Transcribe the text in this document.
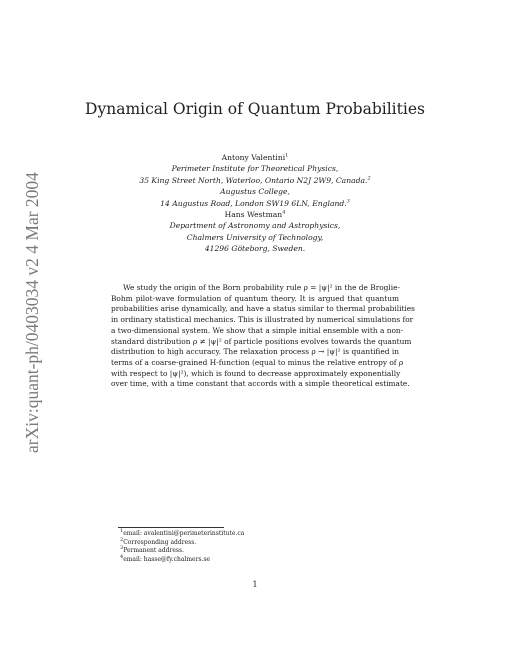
arXiv:quant-ph/0403034 v2 4 Mar 2004
Dynamical Origin of Quantum Probabilities
Antony Valentini$^1$
Perimeter Institute for Theoretical Physics,
35 King Street North, Waterloo, Ontario N2J 2W9, Canada.$^2$
Augustus College,
14 Augustus Road, London SW19 6LN, England.$^3$
Hans Westman$^4$
Department of Astronomy and Astrophysics,
Chalmers University of Technology,
41296 Göteborg, Sweden.
We study the origin of the Born probability rule ρ = |ψ|² in the de Broglie-
Bohm pilot-wave formulation of quantum theory. It is argued that quantum
probabilities arise dynamically, and have a status similar to thermal probabilities
in ordinary statistical mechanics. This is illustrated by numerical simulations for
a two-dimensional system. We show that a simple initial ensemble with a non-
standard distribution ρ ≠ |ψ|² of particle positions evolves towards the quantum
distribution to high accuracy. The relaxation process ρ → |ψ|² is quantified in
terms of a coarse-grained H-function (equal to minus the relative entropy of ρ
with respect to |ψ|²), which is found to decrease approximately exponentially
over time, with a time constant that accords with a simple theoretical estimate.
$^1$email: avalentini@perimeterinstitute.ca
$^2$Corresponding address.
$^3$Permanent address.
$^4$email: hasse@fy.chalmers.se
1
